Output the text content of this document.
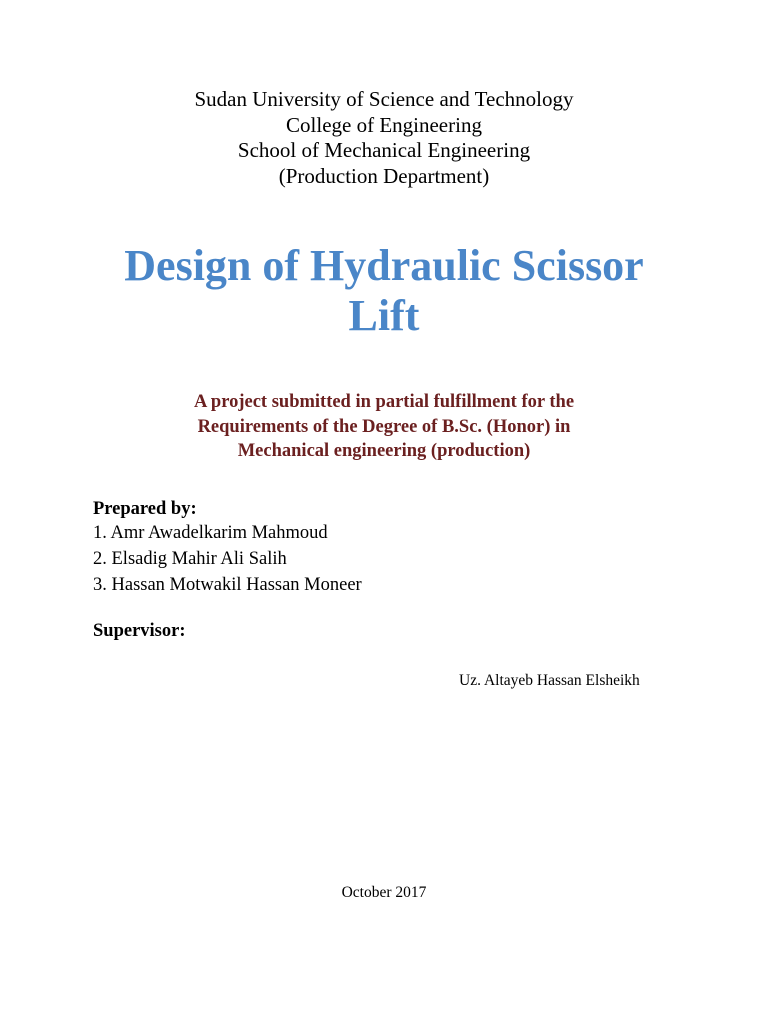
Sudan University of Science and Technology
College of Engineering
School of Mechanical Engineering
(Production Department)
Design of Hydraulic Scissor
Lift
A project submitted in partial fulfillment for the
Requirements of the Degree of B.Sc. (Honor) in
Mechanical engineering (production)
Prepared by:
1. Amr Awadelkarim Mahmoud
2. Elsadig Mahir Ali Salih
3. Hassan Motwakil Hassan Moneer
Supervisor:
Uz. Altayeb Hassan Elsheikh
October 2017
